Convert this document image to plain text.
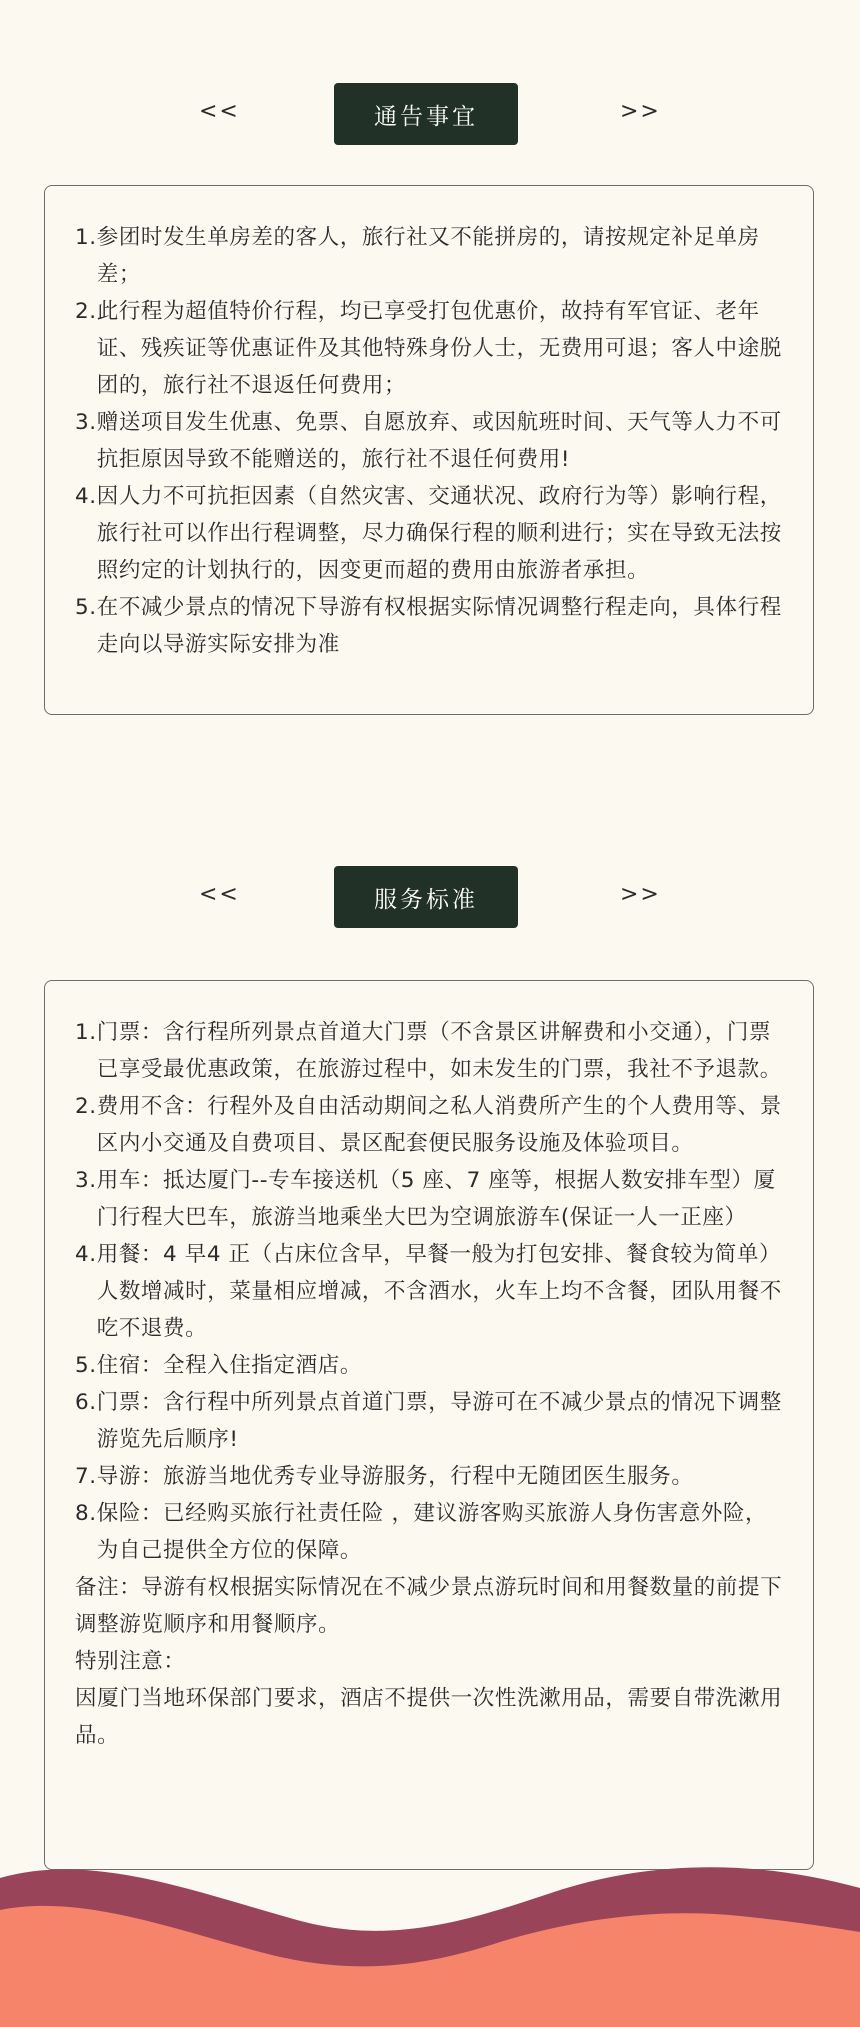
<<	通告事宜	>>
1. 参团时发生单房差的客人，旅行社又不能拼房的，请按规定补足单房差；
2. 此行程为超值特价行程，均已享受打包优惠价，故持有军官证、老年证、残疾证等优惠证件及其他特殊身份人士，无费用可退；客人中途脱团的，旅行社不退返任何费用；
3. 赠送项目发生优惠、免票、自愿放弃、或因航班时间、天气等人力不可抗拒原因导致不能赠送的，旅行社不退任何费用!
4. 因人力不可抗拒因素（自然灾害、交通状况、政府行为等）影响行程，旅行社可以作出行程调整，尽力确保行程的顺利进行；实在导致无法按照约定的计划执行的，因变更而超的费用由旅游者承担。
5. 在不减少景点的情况下导游有权根据实际情况调整行程走向，具体行程走向以导游实际安排为准
<<	服务标准	>>
1. 门票：含行程所列景点首道大门票（不含景区讲解费和小交通），门票已享受最优惠政策，在旅游过程中，如未发生的门票，我社不予退款。
2. 费用不含：行程外及自由活动期间之私人消费所产生的个人费用等、景区内小交通及自费项目、景区配套便民服务设施及体验项目。
3. 用车：抵达厦门--专车接送机（5 座、7 座等，根据人数安排车型）厦门行程大巴车，旅游当地乘坐大巴为空调旅游车(保证一人一正座）
4. 用餐：4 早4 正（占床位含早，早餐一般为打包安排、餐食较为简单）人数增减时，菜量相应增减，不含酒水，火车上均不含餐，团队用餐不吃不退费。
5. 住宿：全程入住指定酒店。
6. 门票：含行程中所列景点首道门票，导游可在不减少景点的情况下调整游览先后顺序!
7. 导游：旅游当地优秀专业导游服务，行程中无随团医生服务。
8. 保险：已经购买旅行社责任险 ，建议游客购买旅游人身伤害意外险，为自己提供全方位的保障。
备注：导游有权根据实际情况在不减少景点游玩时间和用餐数量的前提下调整游览顺序和用餐顺序。
特别注意：
因厦门当地环保部门要求，酒店不提供一次性洗漱用品，需要自带洗漱用品。
